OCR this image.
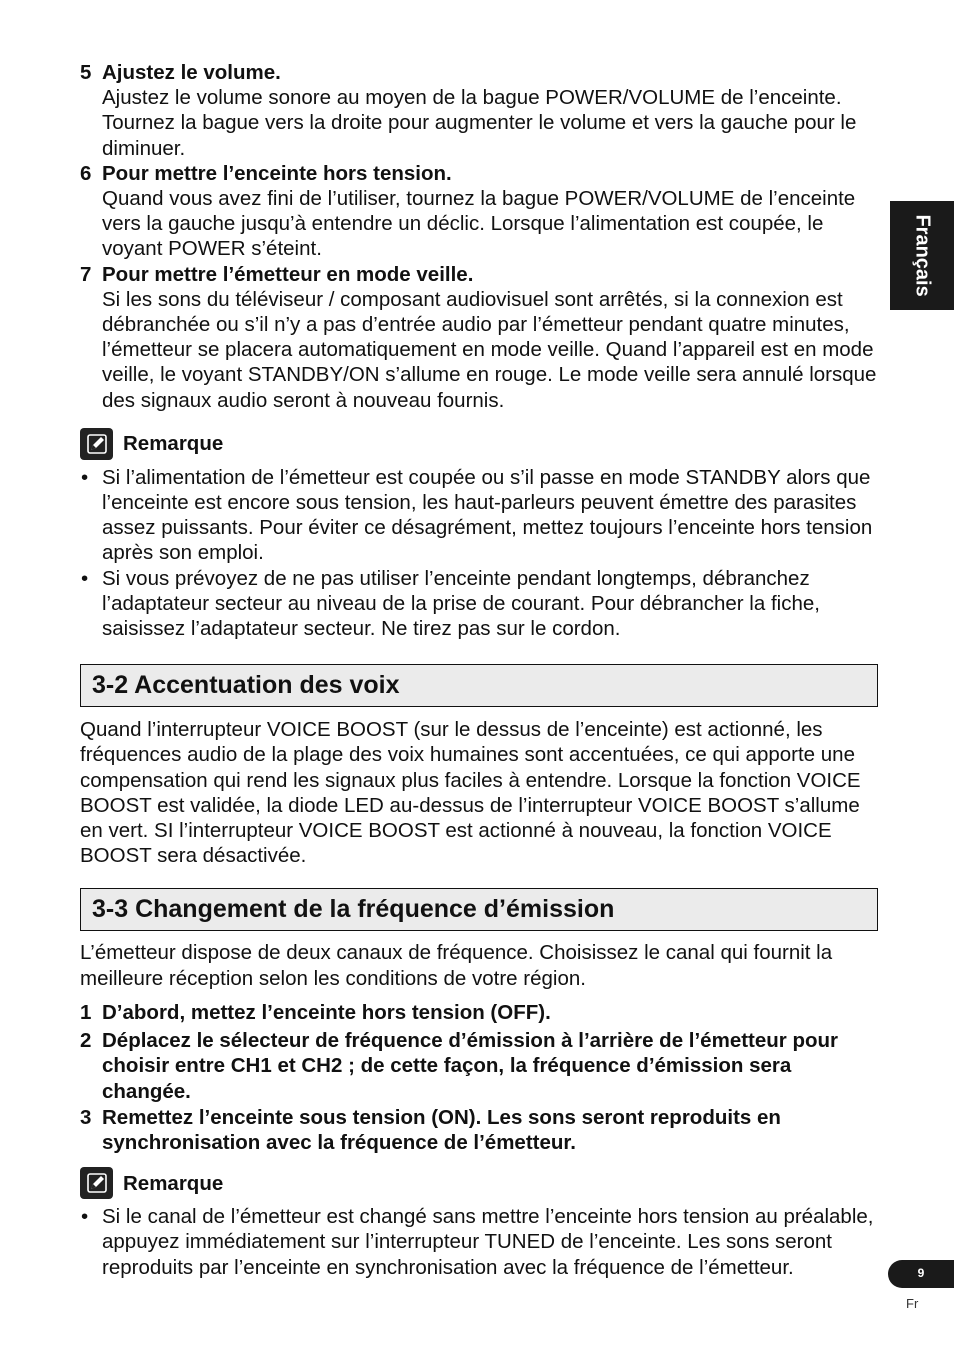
Français
5 Ajustez le volume.
Ajustez le volume sonore au moyen de la bague POWER/VOLUME de l’enceinte. Tournez la bague vers la droite pour augmenter le volume et vers la gauche pour le diminuer.
6 Pour mettre l’enceinte hors tension.
Quand vous avez fini de l’utiliser, tournez la bague POWER/VOLUME de l’enceinte vers la gauche jusqu’à entendre un déclic. Lorsque l’alimentation est coupée, le voyant POWER s’éteint.
7 Pour mettre l’émetteur en mode veille.
Si les sons du téléviseur / composant audiovisuel sont arrêtés, si la connexion est débranchée ou s’il n’y a pas d’entrée audio par l’émetteur pendant quatre minutes, l’émetteur se placera automatiquement en mode veille. Quand l’appareil est en mode veille, le voyant STANDBY/ON s’allume en rouge. Le mode veille sera annulé lorsque des signaux audio seront à nouveau fournis.
Remarque
• Si l’alimentation de l’émetteur est coupée ou s’il passe en mode STANDBY alors que l’enceinte est encore sous tension, les haut-parleurs peuvent émettre des parasites assez puissants. Pour éviter ce désagrément, mettez toujours l’enceinte hors tension après son emploi.
• Si vous prévoyez de ne pas utiliser l’enceinte pendant longtemps, débranchez l’adaptateur secteur au niveau de la prise de courant. Pour débrancher la fiche, saisissez l’adaptateur secteur. Ne tirez pas sur le cordon.
3-2 Accentuation des voix
Quand l’interrupteur VOICE BOOST (sur le dessus de l’enceinte) est actionné, les fréquences audio de la plage des voix humaines sont accentuées, ce qui apporte une compensation qui rend les signaux plus faciles à entendre. Lorsque la fonction VOICE BOOST est validée, la diode LED au-dessus de l’interrupteur VOICE BOOST s’allume en vert. SI l’interrupteur VOICE BOOST est actionné à nouveau, la fonction VOICE BOOST sera désactivée.
3-3 Changement de la fréquence d’émission
L’émetteur dispose de deux canaux de fréquence. Choisissez le canal qui fournit la meilleure réception selon les conditions de votre région.
1 D’abord, mettez l’enceinte hors tension (OFF).
2 Déplacez le sélecteur de fréquence d’émission à l’arrière de l’émetteur pour choisir entre CH1 et CH2 ; de cette façon, la fréquence d’émission sera changée.
3 Remettez l’enceinte sous tension (ON). Les sons seront reproduits en synchronisation avec la fréquence de l’émetteur.
Remarque
• Si le canal de l’émetteur est changé sans mettre l’enceinte hors tension au préalable, appuyez immédiatement sur l’interrupteur TUNED de l’enceinte. Les sons seront reproduits par l’enceinte en synchronisation avec la fréquence de l’émetteur.	9
Fr
